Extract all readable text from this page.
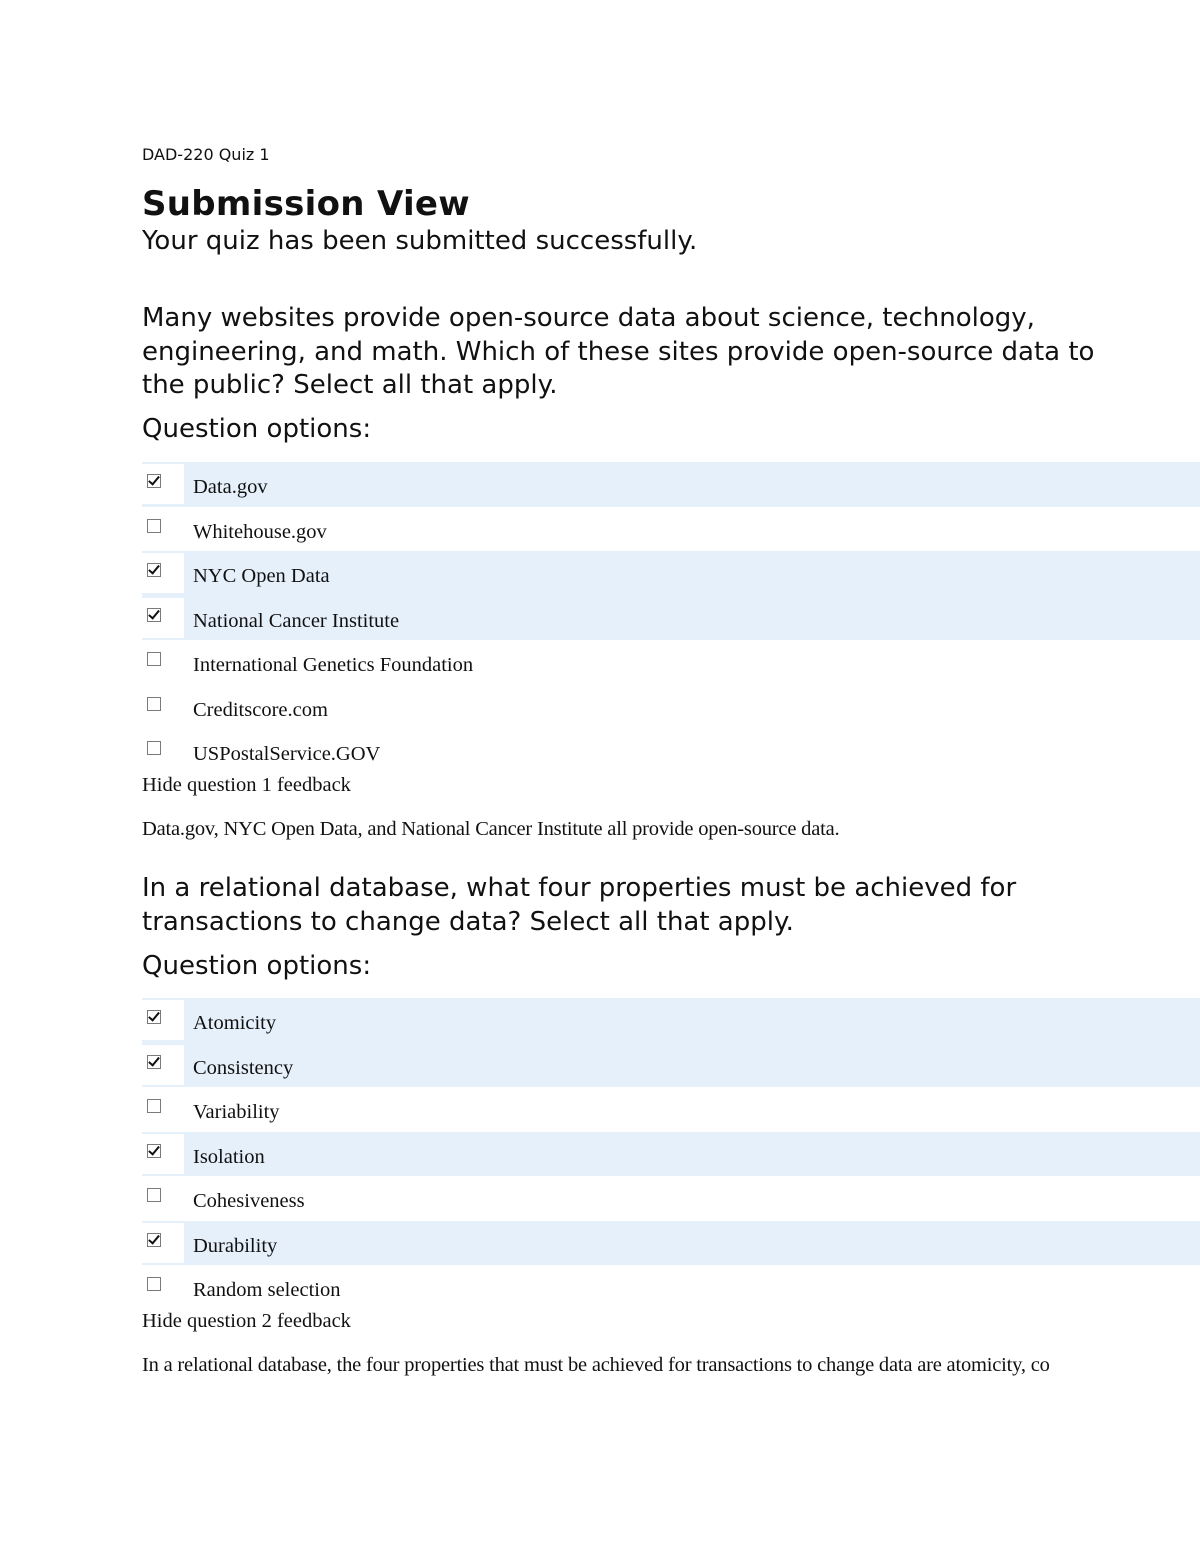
DAD-220 Quiz 1
Submission View
Your quiz has been submitted successfully.
Many websites provide open-source data about science, technology, engineering, and math. Which of these sites provide open-source data to the public? Select all that apply.
Question options:
Data.gov
Whitehouse.gov
NYC Open Data
National Cancer Institute
International Genetics Foundation
Creditscore.com
USPostalService.GOV
Hide question 1 feedback
Data.gov, NYC Open Data, and National Cancer Institute all provide open-source data.
In a relational database, what four properties must be achieved for transactions to change data? Select all that apply.
Question options:
Atomicity
Consistency
Variability
Isolation
Cohesiveness
Durability
Random selection
Hide question 2 feedback
In a relational database, the four properties that must be achieved for transactions to change data are atomicity, co
